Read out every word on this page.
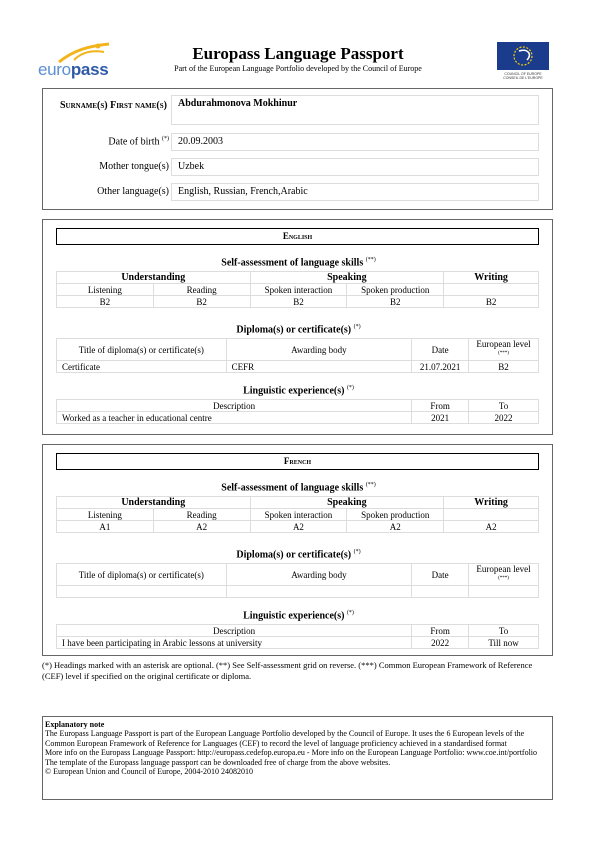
europass
Europass Language Passport
Part of the European Language Portfolio developed by the Council of Europe
COUNCIL OF EUROPE CONSEIL DE L'EUROPE
Surname(s) First name(s)	Abdurahmonova Mokhinur
Date of birth (*) 20.09.2003
Mother tongue(s) Uzbek
Other language(s) English, Russian, French,Arabic
English
Self-assessment of language skills (**)
Understanding		Speaking		Writing
Listening	Reading	Spoken interaction	Spoken production	
B2	B2	B2	B2	B2
Diploma(s) or certificate(s) (*)
Title of diploma(s) or certificate(s)	Awarding body	Date	European level
(***)
Certificate	CEFR	21.07.2021	B2
Linguistic experience(s) (*)
Description	From	To
Worked as a teacher in educational centre	2021	2022
French
Self-assessment of language skills (**)
Understanding		Speaking		Writing
Listening	Reading	Spoken interaction	Spoken production	
A1	A2	A2	A2	A2
Diploma(s) or certificate(s) (*)
Title of diploma(s) or certificate(s)	Awarding body	Date	European level
(***)

Linguistic experience(s) (*)
Description	From	To
I have been participating in Arabic lessons at university	2022	Till now
(*) Headings marked with an asterisk are optional. (**) See Self-assessment grid on reverse. (***) Common European Framework of Reference (CEF) level if specified on the original certificate or diploma.
Explanatory note
The Europass Language Passport is part of the European Language Portfolio developed by the Council of Europe. It uses the 6 European levels of the Common European Framework of Reference for Languages (CEF) to record the level of language proficiency achieved in a standardised format
More info on the Europass Language Passport: http://europass.cedefop.europa.eu - More info on the European Language Portfolio: www.coe.int/portfolio
The template of the Europass language passport can be downloaded free of charge from the above websites.
© European Union and Council of Europe, 2004-2010 24082010
